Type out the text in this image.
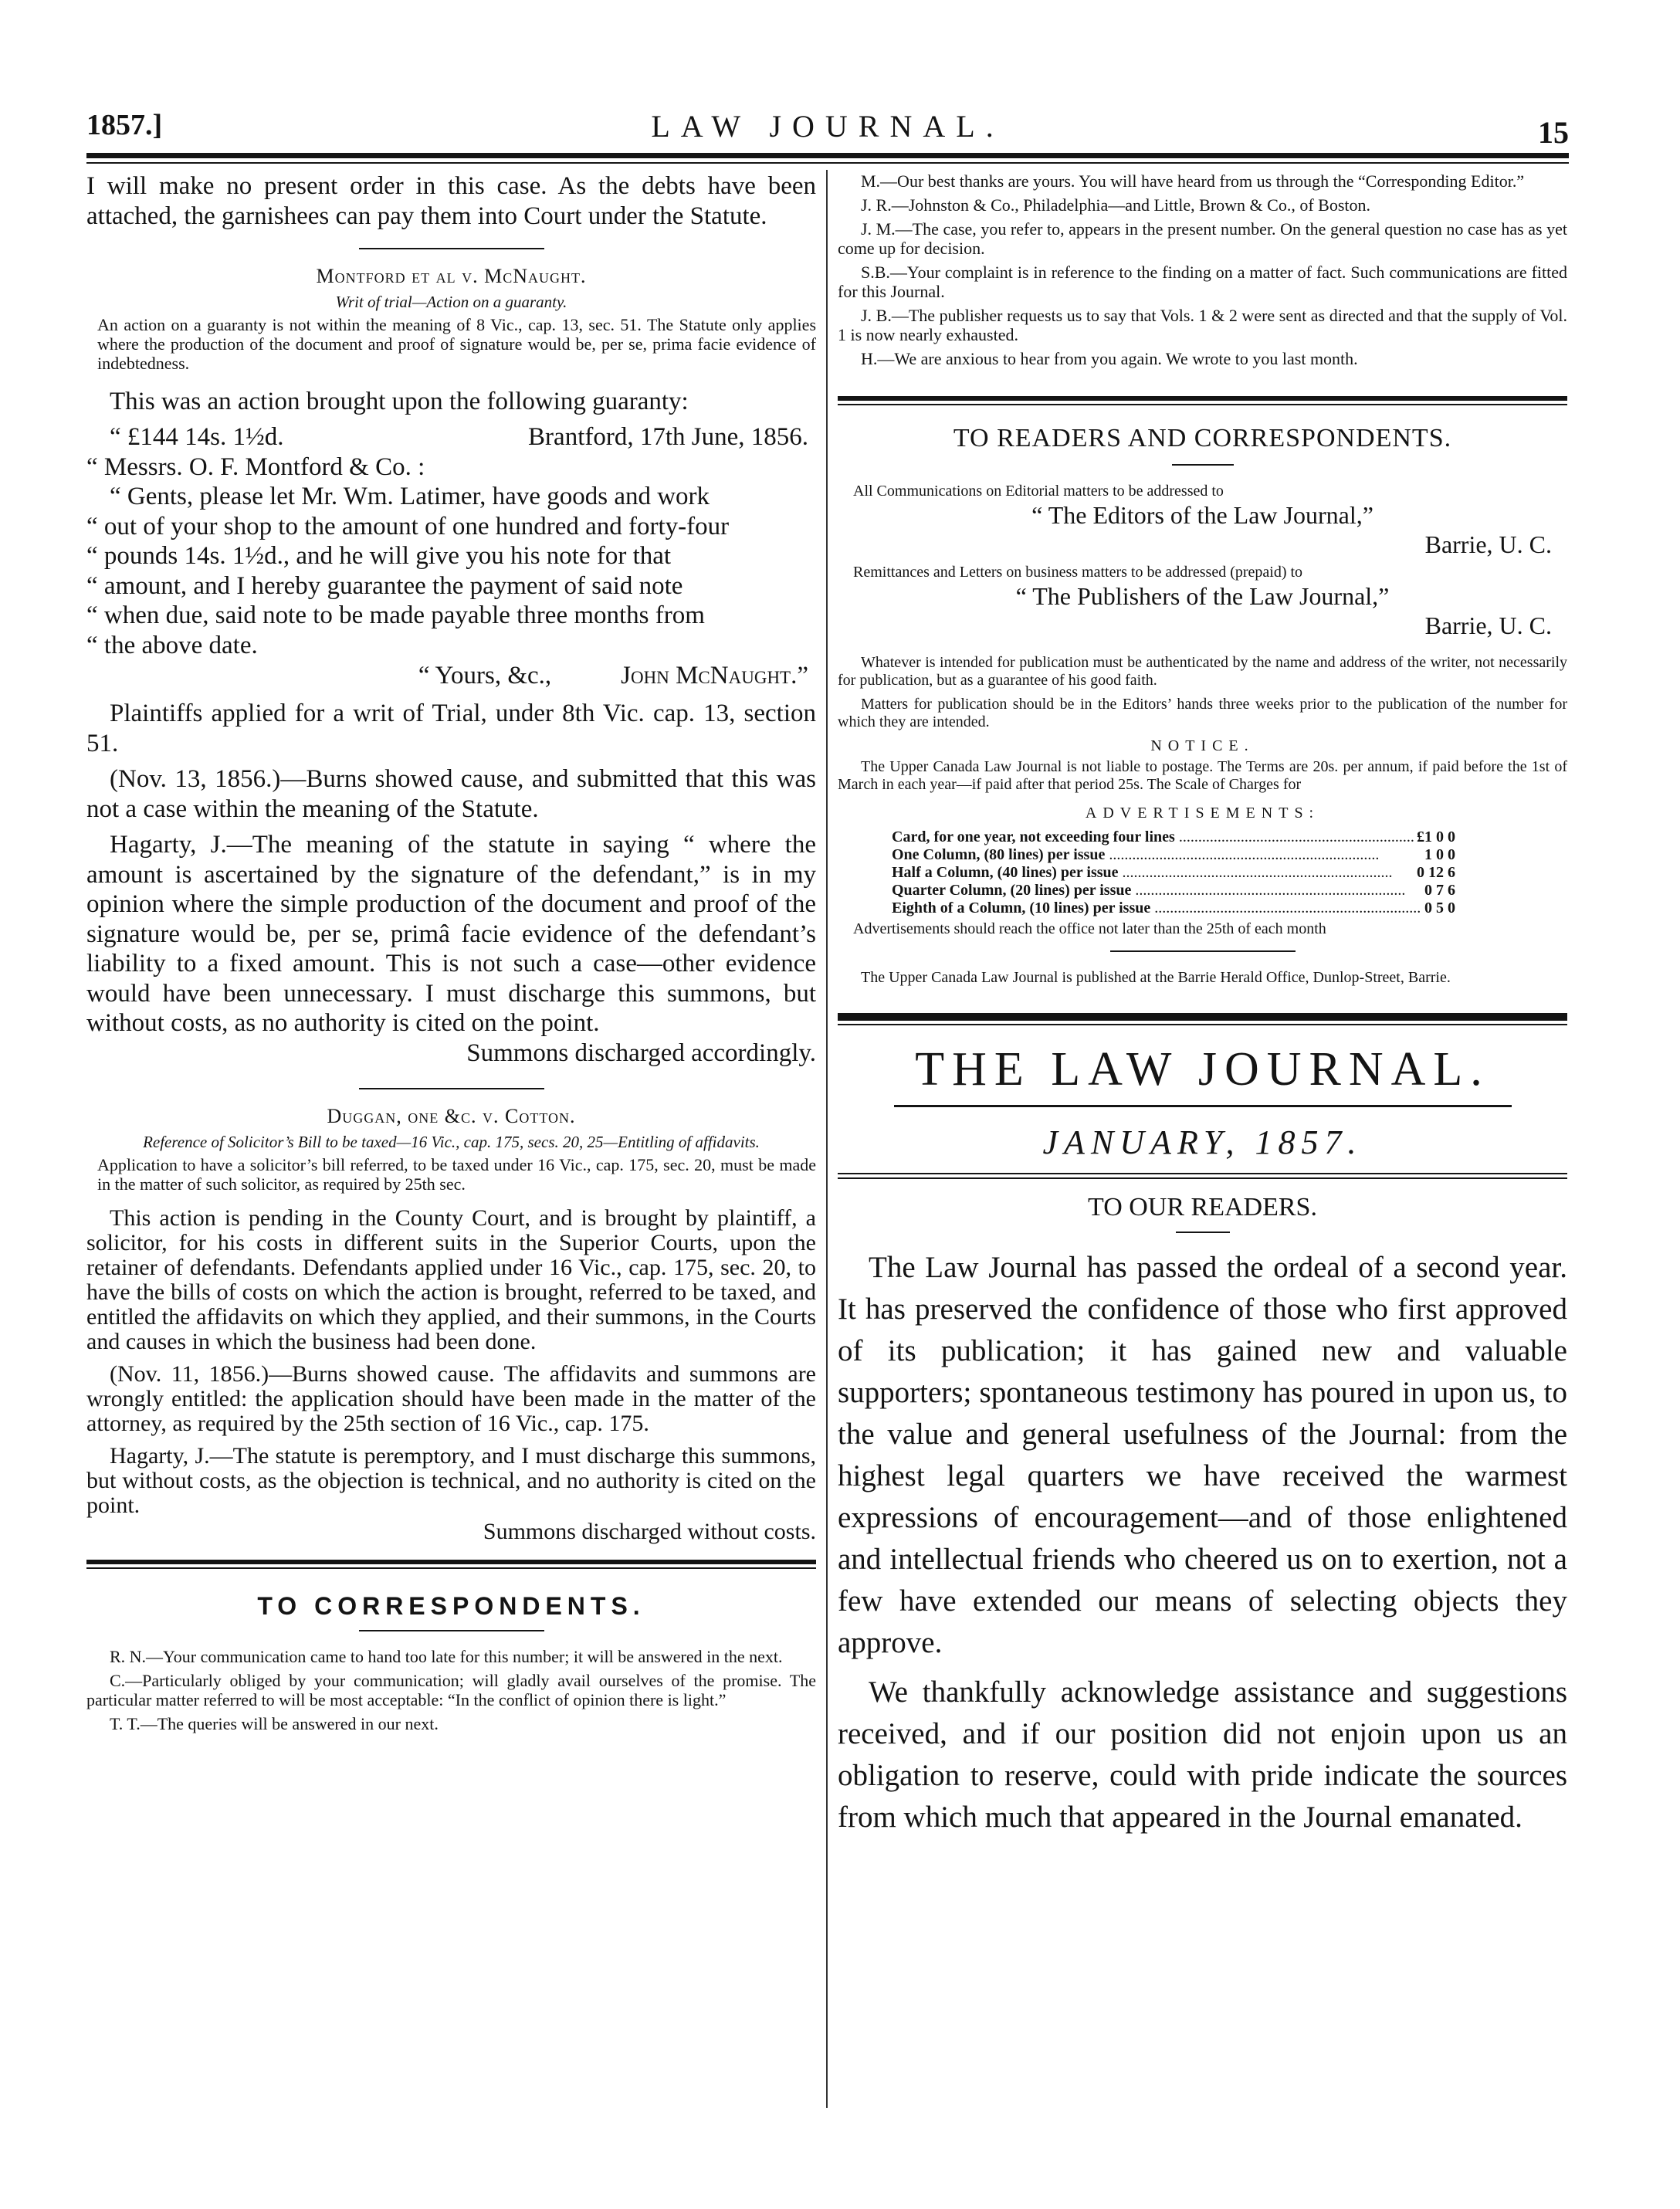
1857.]	LAW JOURNAL.	15

I will make no present order in this case. As the debts have been attached, the garnishees can pay them into Court under the Statute.

Montford et al v. McNaught.
Writ of trial—Action on a guaranty.

An action on a guaranty is not within the meaning of 8 Vic., cap. 13, sec. 51. The Statute only applies where the production of the document and proof of signature would be, per se, prima facie evidence of indebtedness.

This was an action brought upon the following guaranty:

“ £144 14s. 1½d.	Brantford, 17th June, 1856.

“ Messrs. O. F. Montford & Co. :

“ Gents, please let Mr. Wm. Latimer, have goods and work

“ out of your shop to the amount of one hundred and forty-four

“ pounds 14s. 1½d., and he will give you his note for that

“ amount, and I hereby guarantee the payment of said note

“ when due, said note to be made payable three months from

“ the above date.

“ Yours, &c.,	John McNaught.”

Plaintiffs applied for a writ of Trial, under 8th Vic. cap. 13, section 51.

(Nov. 13, 1856.)—Burns showed cause, and submitted that this was not a case within the meaning of the Statute.

Hagarty, J.—The meaning of the statute in saying “ where the amount is ascertained by the signature of the defendant,” is in my opinion where the simple production of the document and proof of the signature would be, per se, primâ facie evidence of the defendant’s liability to a fixed amount. This is not such a case—other evidence would have been unnecessary. I must discharge this summons, but without costs, as no authority is cited on the point.

Summons discharged accordingly.

Duggan, one &c. v. Cotton.
Reference of Solicitor’s Bill to be taxed—16 Vic., cap. 175, secs. 20, 25—Entitling of affidavits.

Application to have a solicitor’s bill referred, to be taxed under 16 Vic., cap. 175, sec. 20, must be made in the matter of such solicitor, as required by 25th sec.

This action is pending in the County Court, and is brought by plaintiff, a solicitor, for his costs in different suits in the Superior Courts, upon the retainer of defendants. Defendants applied under 16 Vic., cap. 175, sec. 20, to have the bills of costs on which the action is brought, referred to be taxed, and entitled the affidavits on which they applied, and their summons, in the Courts and causes in which the business had been done.

(Nov. 11, 1856.)—Burns showed cause. The affidavits and summons are wrongly entitled: the application should have been made in the matter of the attorney, as required by the 25th section of 16 Vic., cap. 175.

Hagarty, J.—The statute is peremptory, and I must discharge this summons, but without costs, as the objection is technical, and no authority is cited on the point.

Summons discharged without costs.

TO CORRESPONDENTS.

R. N.—Your communication came to hand too late for this number; it will be answered in the next.

C.—Particularly obliged by your communication; will gladly avail ourselves of the promise. The particular matter referred to will be most acceptable: “In the conflict of opinion there is light.”

T. T.—The queries will be answered in our next.

M.—Our best thanks are yours. You will have heard from us through the “Corresponding Editor.”

J. R.—Johnston & Co., Philadelphia—and Little, Brown & Co., of Boston.

J. M.—The case, you refer to, appears in the present number. On the general question no case has as yet come up for decision.

S.B.—Your complaint is in reference to the finding on a matter of fact. Such communications are fitted for this Journal.

J. B.—The publisher requests us to say that Vols. 1 & 2 were sent as directed and that the supply of Vol. 1 is now nearly exhausted.

H.—We are anxious to hear from you again. We wrote to you last month.

TO READERS AND CORRESPONDENTS.

All Communications on Editorial matters to be addressed to

“ The Editors of the Law Journal,”

Barrie, U. C.

Remittances and Letters on business matters to be addressed (prepaid) to

“ The Publishers of the Law Journal,”

Barrie, U. C.

Whatever is intended for publication must be authenticated by the name and address of the writer, not necessarily for publication, but as a guarantee of his good faith.

Matters for publication should be in the Editors’ hands three weeks prior to the publication of the number for which they are intended.

NOTICE.

The Upper Canada Law Journal is not liable to postage. The Terms are 20s. per annum, if paid before the 1st of March in each year—if paid after that period 25s. The Scale of Charges for

ADVERTISEMENTS:

Card, for one year, not exceeding four lines .....	£1 0 0
One Column, (80 lines) per issue .....	1 0 0
Half a Column, (40 lines) per issue .....	0 12 6
Quarter Column, (20 lines) per issue .....	0 7 6
Eighth of a Column, (10 lines) per issue .....	0 5 0

Advertisements should reach the office not later than the 25th of each month

The Upper Canada Law Journal is published at the Barrie Herald Office, Dunlop-Street, Barrie.

THE LAW JOURNAL.
JANUARY, 1857.
TO OUR READERS.

The Law Journal has passed the ordeal of a second year. It has preserved the confidence of those who first approved of its publication; it has gained new and valuable supporters; spontaneous testimony has poured in upon us, to the value and general usefulness of the Journal: from the highest legal quarters we have received the warmest expressions of encouragement—and of those enlightened and intellectual friends who cheered us on to exertion, not a few have extended our means of selecting objects they approve.

We thankfully acknowledge assistance and suggestions received, and if our position did not enjoin upon us an obligation to reserve, could with pride indicate the sources from which much that appeared in the Journal emanated.
